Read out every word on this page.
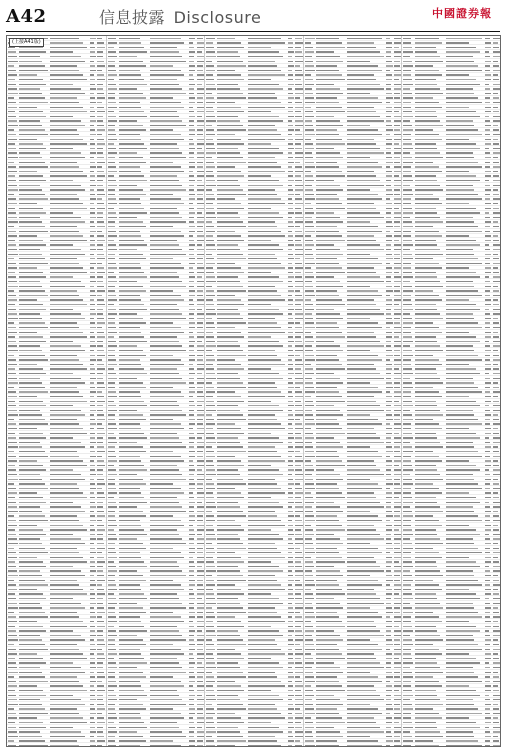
A42	信息披露 Disclosure	中國證券報
(上接A41版)
